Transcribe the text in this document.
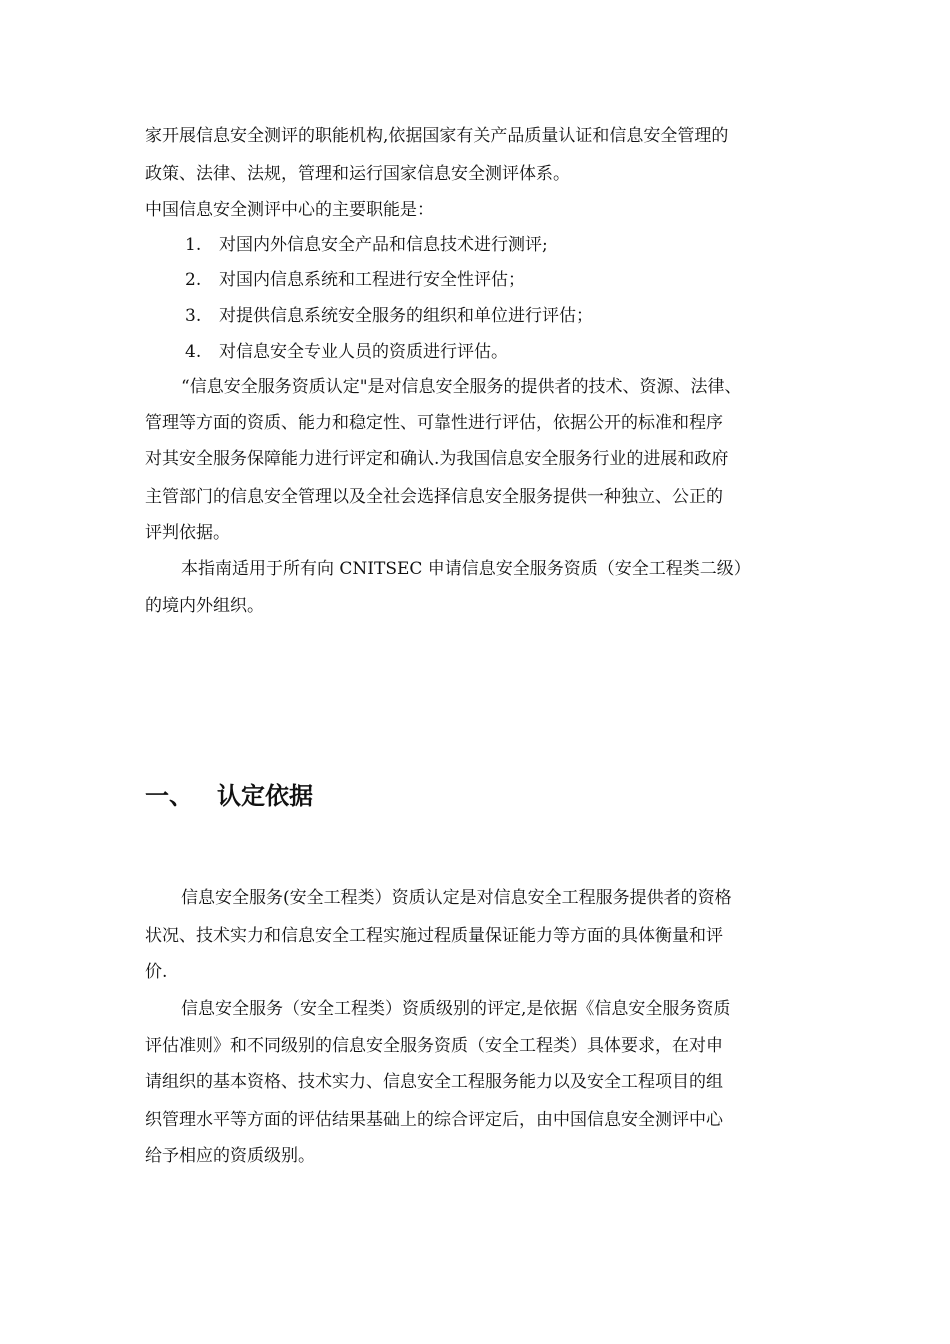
家开展信息安全测评的职能机构,依据国家有关产品质量认证和信息安全管理的
政策、法律、法规，管理和运行国家信息安全测评体系。
中国信息安全测评中心的主要职能是：
1. 对国内外信息安全产品和信息技术进行测评;
2. 对国内信息系统和工程进行安全性评估；
3. 对提供信息系统安全服务的组织和单位进行评估；
4. 对信息安全专业人员的资质进行评估。
“信息安全服务资质认定"是对信息安全服务的提供者的技术、资源、法律、
管理等方面的资质、能力和稳定性、可靠性进行评估，依据公开的标准和程序
对其安全服务保障能力进行评定和确认.为我国信息安全服务行业的进展和政府
主管部门的信息安全管理以及全社会选择信息安全服务提供一种独立、公正的
评判依据。
本指南适用于所有向 CNITSEC 申请信息安全服务资质（安全工程类二级）
的境内外组织。
一、 认定依据
信息安全服务(安全工程类）资质认定是对信息安全工程服务提供者的资格
状况、技术实力和信息安全工程实施过程质量保证能力等方面的具体衡量和评
价.
信息安全服务（安全工程类）资质级别的评定,是依据《信息安全服务资质
评估准则》和不同级别的信息安全服务资质（安全工程类）具体要求，在对申
请组织的基本资格、技术实力、信息安全工程服务能力以及安全工程项目的组
织管理水平等方面的评估结果基础上的综合评定后，由中国信息安全测评中心
给予相应的资质级别。
